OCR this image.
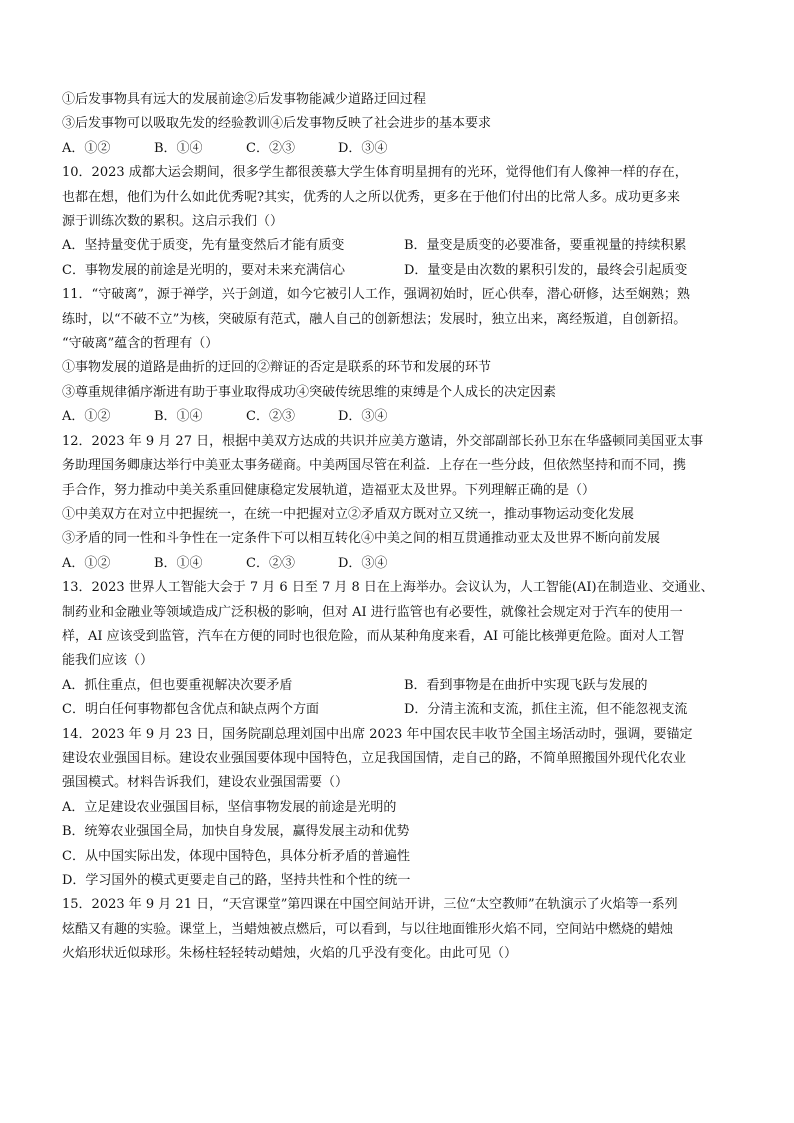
①后发事物具有远大的发展前途②后发事物能减少道路迂回过程
③后发事物可以吸取先发的经验教训④后发事物反映了社会进步的基本要求
A．①②	B．①④	C．②③	D．③④
10．2023 成都大运会期间，很多学生都很羡慕大学生体育明星拥有的光环，觉得他们有人像神一样的存在，
也都在想，他们为什么如此优秀呢?其实，优秀的人之所以优秀，更多在于他们付出的比常人多。成功更多来
源于训练次数的累积。这启示我们（）
A．坚持量变优于质变，先有量变然后才能有质变	B．量变是质变的必要准备，要重视量的持续积累
C．事物发展的前途是光明的，要对未来充满信心	D．量变是由次数的累积引发的，最终会引起质变
11．“守破离”，源于禅学，兴于剑道，如今它被引人工作，强调初始时，匠心供奉，潜心研修，达至娴熟；熟
练时，以“不破不立”为核，突破原有范式，融人自己的创新想法；发展时，独立出来，离经叛道，自创新招。
“守破离”蕴含的哲理有（）
①事物发展的道路是曲折的迂回的②辩证的否定是联系的环节和发展的环节
③尊重规律循序渐进有助于事业取得成功④突破传统思维的束缚是个人成长的决定因素
A．①②	B．①④	C．②③	D．③④
12．2023 年 9 月 27 日，根据中美双方达成的共识并应美方邀请，外交部副部长孙卫东在华盛顿同美国亚太事
务助理国务卿康达举行中美亚太事务磋商。中美两国尽管在利益．上存在一些分歧，但依然坚持和而不同，携
手合作，努力推动中美关系重回健康稳定发展轨道，造福亚太及世界。下列理解正确的是（）
①中美双方在对立中把握统一，在统一中把握对立②矛盾双方既对立又统一，推动事物运动变化发展
③矛盾的同一性和斗争性在一定条件下可以相互转化④中美之间的相互贯通推动亚太及世界不断向前发展
A．①②	B．①④	C．②③	D．③④
13．2023 世界人工智能大会于 7 月 6 日至 7 月 8 日在上海举办。会议认为，人工智能(AI)在制造业、交通业、
制药业和金融业等领域造成广泛积极的影响，但对 AI 进行监管也有必要性，就像社会规定对于汽车的使用一
样，AI 应该受到监管，汽车在方便的同时也很危险，而从某种角度来看，AI 可能比核弹更危险。面对人工智
能我们应该（）
A．抓住重点，但也要重视解决次要矛盾	B．看到事物是在曲折中实现飞跃与发展的
C．明白任何事物都包含优点和缺点两个方面	D．分清主流和支流，抓住主流，但不能忽视支流
14．2023 年 9 月 23 日，国务院副总理刘国中出席 2023 年中国农民丰收节全国主场活动时，强调，要锚定
建设农业强国目标。建设农业强国要体现中国特色，立足我国国情，走自己的路，不简单照搬国外现代化农业
强国模式。材料告诉我们，建设农业强国需要（）
A．立足建设农业强国目标，坚信事物发展的前途是光明的
B．统筹农业强国全局，加快自身发展，赢得发展主动和优势
C．从中国实际出发，体现中国特色，具体分析矛盾的普遍性
D．学习国外的模式更要走自己的路，坚持共性和个性的统一
15．2023 年 9 月 21 日，“天宫课堂”第四课在中国空间站开讲，三位“太空教师”在轨演示了火焰等一系列
炫酷又有趣的实验。课堂上，当蜡烛被点燃后，可以看到，与以往地面锥形火焰不同，空间站中燃烧的蜡烛
火焰形状近似球形。朱杨柱轻轻转动蜡烛，火焰的几乎没有变化。由此可见（）
